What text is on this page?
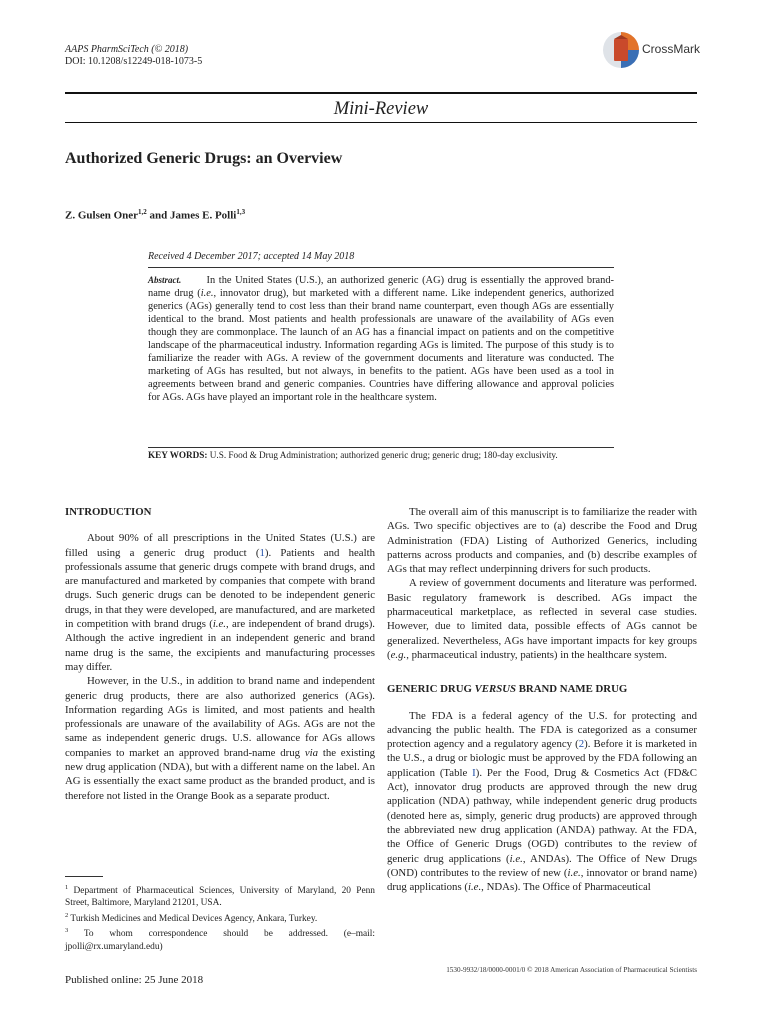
AAPS PharmSciTech (© 2018)
DOI: 10.1208/s12249-018-1073-5
CrossMark
Mini-Review
Authorized Generic Drugs: an Overview
Z. Gulsen Oner$^{1,2}$ and James E. Polli$^{1,3}$
Received 4 December 2017; accepted 14 May 2018

Abstract. In the United States (U.S.), an authorized generic (AG) drug is essentially the approved brand-name drug (i.e., innovator drug), but marketed with a different name. Like independent generics, authorized generics (AGs) generally tend to cost less than their brand name counterpart, even though AGs are essentially identical to the brand. Most patients and health professionals are unaware of the availability of AGs even though they are commonplace. The launch of an AG has a financial impact on patients and on the competitive landscape of the pharmaceutical industry. Information regarding AGs is limited. The purpose of this study is to familiarize the reader with AGs. A review of the government documents and literature was conducted. The marketing of AGs has resulted, but not always, in benefits to the patient. AGs have been used as a tool in agreements between brand and generic companies. Countries have differing allowance and approval policies for AGs. AGs have played an important role in the healthcare system.

KEY WORDS: U.S. Food & Drug Administration; authorized generic drug; generic drug; 180-day exclusivity.

INTRODUCTION

About 90% of all prescriptions in the United States (U.S.) are filled using a generic drug product (1). Patients and health professionals assume that generic drugs compete with brand drugs, and are manufactured and marketed by companies that compete with brand drugs. Such generic drugs can be denoted to be independent generic drugs, in that they were developed, are manufactured, and are marketed in competition with brand drugs (i.e., are independent of brand drugs). Although the active ingredient in an independent generic and brand name drug is the same, the excipients and manufacturing processes may differ.

However, in the U.S., in addition to brand name and independent generic drug products, there are also authorized generics (AGs). Information regarding AGs is limited, and most patients and health professionals are unaware of the availability of AGs. AGs are not the same as independent generic drugs. U.S. allowance for AGs allows companies to market an approved brand-name drug via the existing new drug application (NDA), but with a different name on the label. An AG is essentially the exact same product as the branded product, and is therefore not listed in the Orange Book as a separate product.

$^1$ Department of Pharmaceutical Sciences, University of Maryland, 20 Penn Street, Baltimore, Maryland 21201, USA.
$^2$ Turkish Medicines and Medical Devices Agency, Ankara, Turkey.
$^3$ To whom correspondence should be addressed. (e–mail: jpolli@rx.umaryland.edu)

The overall aim of this manuscript is to familiarize the reader with AGs. Two specific objectives are to (a) describe the Food and Drug Administration (FDA) Listing of Authorized Generics, including patterns across products and companies, and (b) describe examples of AGs that may reflect underpinning drivers for such products.

A review of government documents and literature was performed. Basic regulatory framework is described. AGs impact the pharmaceutical marketplace, as reflected in several case studies. However, due to limited data, possible effects of AGs cannot be generalized. Nevertheless, AGs have important impacts for key groups (e.g., pharmaceutical industry, patients) in the healthcare system.

GENERIC DRUG VERSUS BRAND NAME DRUG

The FDA is a federal agency of the U.S. for protecting and advancing the public health. The FDA is categorized as a consumer protection agency and a regulatory agency (2). Before it is marketed in the U.S., a drug or biologic must be approved by the FDA following an application (Table I). Per the Food, Drug & Cosmetics Act (FD&C Act), innovator drug products are approved through the new drug application (NDA) pathway, while independent generic drug products (denoted here as, simply, generic drug products) are approved through the abbreviated new drug application (ANDA) pathway. At the FDA, the Office of Generic Drugs (OGD) contributes to the review of generic drug applications (i.e., ANDAs). The Office of New Drugs (OND) contributes to the review of new (i.e., innovator or brand name) drug applications (i.e., NDAs). The Office of Pharmaceutical

1530-9932/18/0000-0001/0 © 2018 American Association of Pharmaceutical Scientists
Published online: 25 June 2018
